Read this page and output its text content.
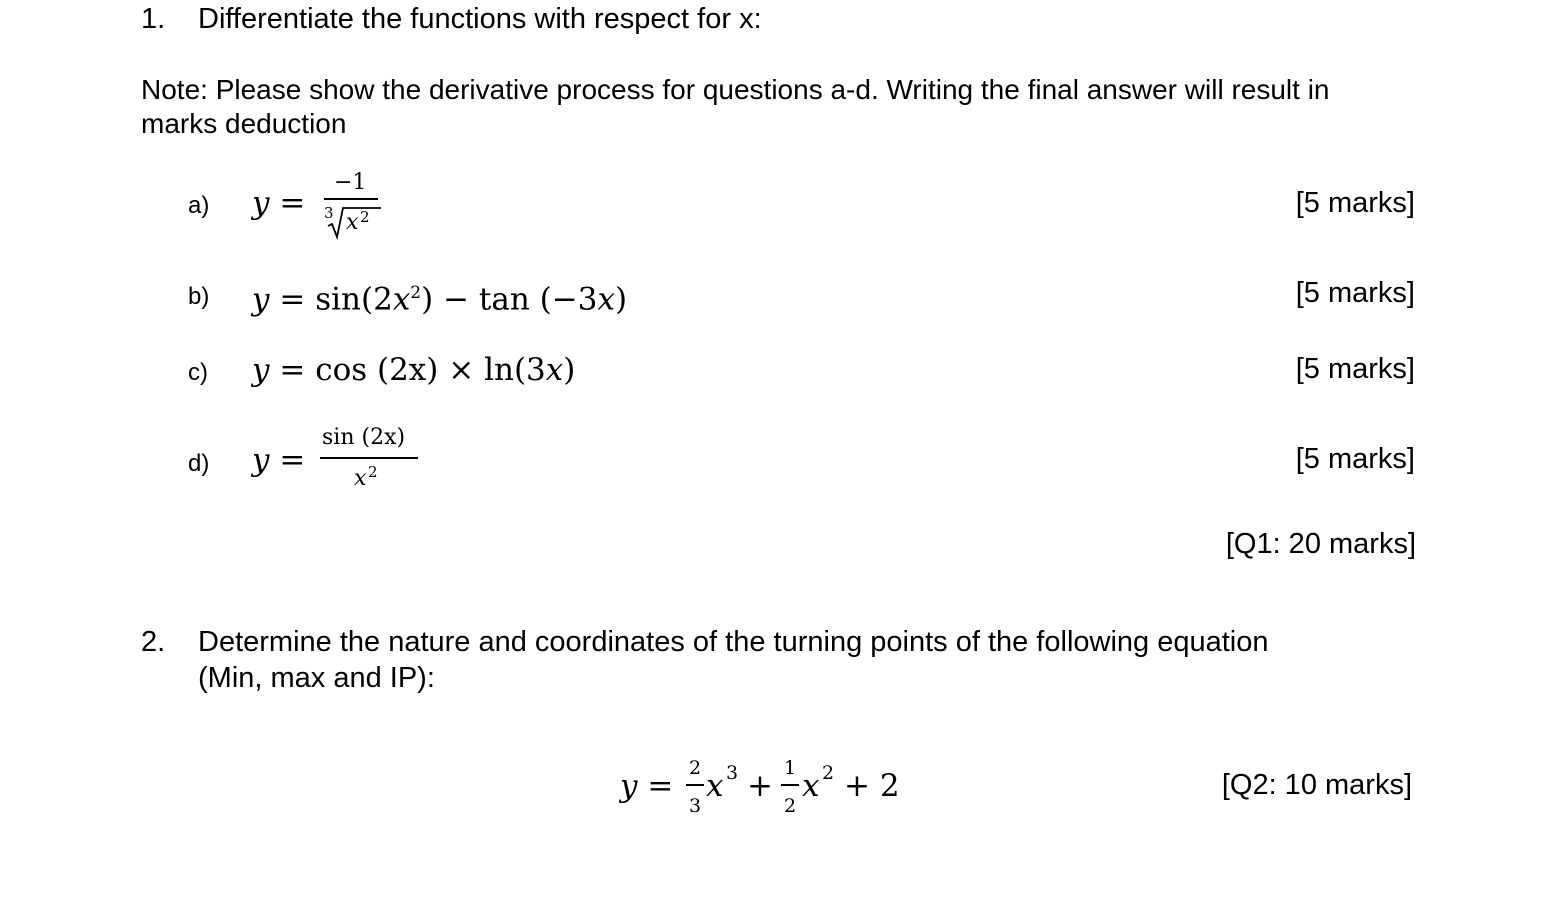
1. Differentiate the functions with respect for x:
Note: Please show the derivative process for questions a-d. Writing the final answer will result in
marks deduction
a) y =
−1
3 x 2	[5 marks]
b) $y = \sin(2x^2) - \tan (-3x)$	[5 marks]
c) y = cos (2x) × ln(3x)	[5 marks]
d) y =
sin (2x)
x 2	[5 marks]
[Q1: 20 marks]
2. Determine the nature and coordinates of the turning points of the following equation
(Min, max and IP):
y = 2
3
x 3 + 1
2
x 2 + 2	[Q2: 10 marks]
